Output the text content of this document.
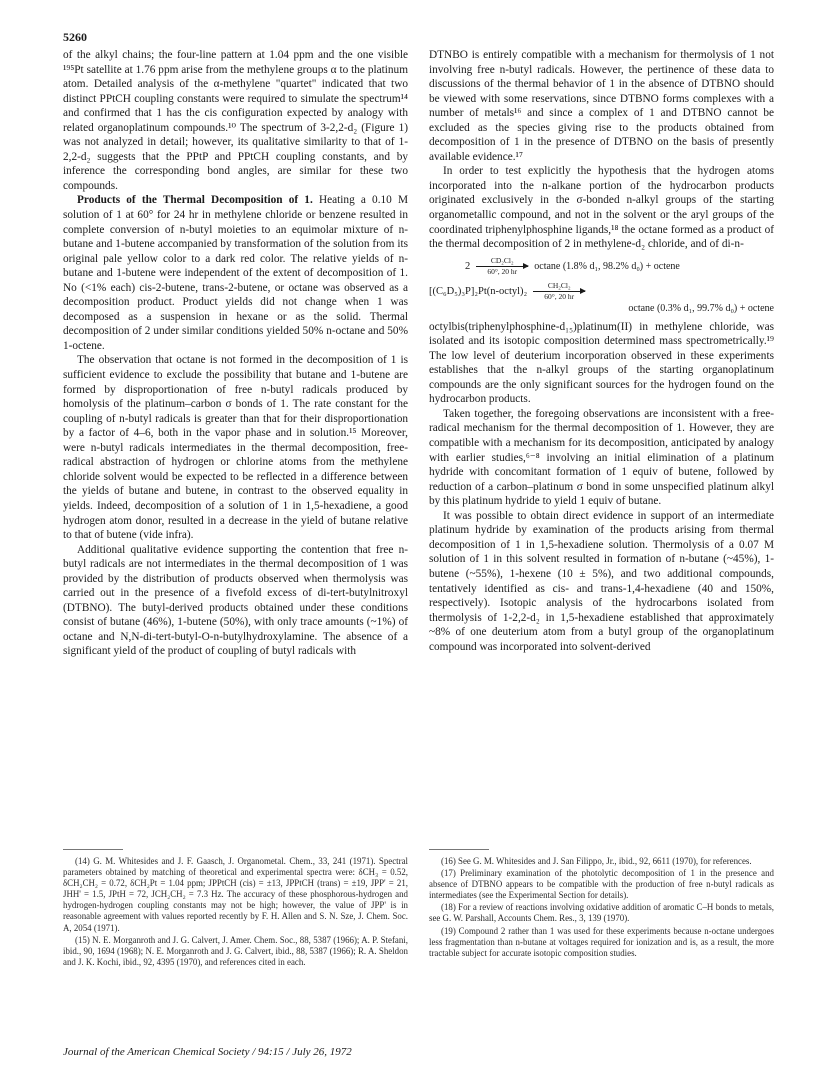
5260

of the alkyl chains; the four-line pattern at 1.04 ppm and the one visible ¹⁹⁵Pt satellite at 1.76 ppm arise from the methylene groups α to the platinum atom. Detailed analysis of the α-methylene "quartet" indicated that two distinct PPtCH coupling constants were required to simulate the spectrum¹⁴ and confirmed that 1 has the cis configuration expected by analogy with related organoplatinum compounds.¹⁰ The spectrum of 3-2,2-d₂ (Figure 1) was not analyzed in detail; however, its qualitative similarity to that of 1-2,2-d₂ suggests that the PPtP and PPtCH coupling constants, and by inference the corresponding bond angles, are similar for these two compounds.

Products of the Thermal Decomposition of 1. Heating a 0.10 M solution of 1 at 60° for 24 hr in methylene chloride or benzene resulted in complete conversion of n-butyl moieties to an equimolar mixture of n-butane and 1-butene accompanied by transformation of the solution from its original pale yellow color to a dark red color. The relative yields of n-butane and 1-butene were independent of the extent of decomposition of 1. No (<1% each) cis-2-butene, trans-2-butene, or octane was observed as a decomposition product. Product yields did not change when 1 was decomposed as a suspension in hexane or as the solid. Thermal decomposition of 2 under similar conditions yielded 50% n-octane and 50% 1-octene.

The observation that octane is not formed in the decomposition of 1 is sufficient evidence to exclude the possibility that butane and 1-butene are formed by disproportionation of free n-butyl radicals produced by homolysis of the platinum–carbon σ bonds of 1. The rate constant for the coupling of n-butyl radicals is greater than that for their disproportionation by a factor of 4–6, both in the vapor phase and in solution.¹⁵ Moreover, were n-butyl radicals intermediates in the thermal decomposition, free-radical abstraction of hydrogen or chlorine atoms from the methylene chloride solvent would be expected to be reflected in a difference between the yields of butane and butene, in contrast to the observed equality in yields. Indeed, decomposition of a solution of 1 in 1,5-hexadiene, a good hydrogen atom donor, resulted in a decrease in the yield of butane relative to that of butene (vide infra).

Additional qualitative evidence supporting the contention that free n-butyl radicals are not intermediates in the thermal decomposition of 1 was provided by the distribution of products observed when thermolysis was carried out in the presence of a fivefold excess of di-tert-butylnitroxyl (DTBNO). The butyl-derived products obtained under these conditions consist of butane (46%), 1-butene (50%), with only trace amounts (~1%) of octane and N,N-di-tert-butyl-O-n-butylhydroxylamine. The absence of a significant yield of the product of coupling of butyl radicals with

DTNBO is entirely compatible with a mechanism for thermolysis of 1 not involving free n-butyl radicals. However, the pertinence of these data to discussions of the thermal behavior of 1 in the absence of DTBNO should be viewed with some reservations, since DTBNO forms complexes with a number of metals¹⁶ and since a complex of 1 and DTBNO cannot be excluded as the species giving rise to the products obtained from decomposition of 1 in the presence of DTBNO on the basis of presently available evidence.¹⁷

In order to test explicitly the hypothesis that the hydrogen atoms incorporated into the n-alkane portion of the hydrocarbon products originated exclusively in the σ-bonded n-alkyl groups of the starting organometallic compound, and not in the solvent or the aryl groups of the coordinated triphenylphosphine ligands,¹⁸ the octane formed as a product of the thermal decomposition of 2 in methylene-d₂ chloride, and of di-n-

2
CD₂Cl₂
60°, 20 hr octane (1.8% d₁, 98.2% d₀) + octene
[(C₆D₅)₃P]₂Pt(n-octyl)₂
CH₂Cl₂
60°, 20 hr
octane (0.3% d₁, 99.7% d₀) + octene

octylbis(triphenylphosphine-d₁₅)platinum(II) in methylene chloride, was isolated and its isotopic composition determined mass spectrometrically.¹⁹ The low level of deuterium incorporation observed in these experiments establishes that the n-alkyl groups of the starting organoplatinum compounds are the only significant sources for the hydrogen found on the hydrocarbon products.

Taken together, the foregoing observations are inconsistent with a free-radical mechanism for the thermal decomposition of 1. However, they are compatible with a mechanism for its decomposition, anticipated by analogy with earlier studies,⁶⁻⁸ involving an initial elimination of a platinum hydride with concomitant formation of 1 equiv of butene, followed by reduction of a carbon–platinum σ bond in some unspecified platinum alkyl by this platinum hydride to yield 1 equiv of butane.

It was possible to obtain direct evidence in support of an intermediate platinum hydride by examination of the products arising from thermal decomposition of 1 in 1,5-hexadiene solution. Thermolysis of a 0.07 M solution of 1 in this solvent resulted in formation of n-butane (~45%), 1-butene (~55%), 1-hexene (10 ± 5%), and two additional compounds, tentatively identified as cis- and trans-1,4-hexadiene (40 and 150%, respectively). Isotopic analysis of the hydrocarbons isolated from thermolysis of 1-2,2-d₂ in 1,5-hexadiene established that approximately ~8% of one deuterium atom from a butyl group of the organoplatinum compound was incorporated into solvent-derived

(14) G. M. Whitesides and J. F. Gaasch, J. Organometal. Chem., 33, 241 (1971). Spectral parameters obtained by matching of theoretical and experimental spectra were: δCH₃ = 0.52, δCH₂CH₂ = 0.72, δCH₂Pt = 1.04 ppm; JPPtCH (cis) = ±13, JPPtCH (trans) = ±19, JPP' = 21, JHH' = 1.5, JPtH = 72, JCH₂CH₂ = 7.3 Hz. The accuracy of these phosphorous-hydrogen and hydrogen-hydrogen coupling constants may not be high; however, the value of JPP' is in reasonable agreement with values reported recently by F. H. Allen and S. N. Sze, J. Chem. Soc. A, 2054 (1971).

(15) N. E. Morganroth and J. G. Calvert, J. Amer. Chem. Soc., 88, 5387 (1966); A. P. Stefani, ibid., 90, 1694 (1968); N. E. Morganroth and J. G. Calvert, ibid., 88, 5387 (1966); R. A. Sheldon and J. K. Kochi, ibid., 92, 4395 (1970), and references cited in each.

(16) See G. M. Whitesides and J. San Filippo, Jr., ibid., 92, 6611 (1970), for references.

(17) Preliminary examination of the photolytic decomposition of 1 in the presence and absence of DTBNO appears to be compatible with the production of free n-butyl radicals as intermediates (see the Experimental Section for details).

(18) For a review of reactions involving oxidative addition of aromatic C–H bonds to metals, see G. W. Parshall, Accounts Chem. Res., 3, 139 (1970).

(19) Compound 2 rather than 1 was used for these experiments because n-octane undergoes less fragmentation than n-butane at voltages required for ionization and is, as a result, the more tractable subject for accurate isotopic composition studies.

Journal of the American Chemical Society / 94:15 / July 26, 1972
